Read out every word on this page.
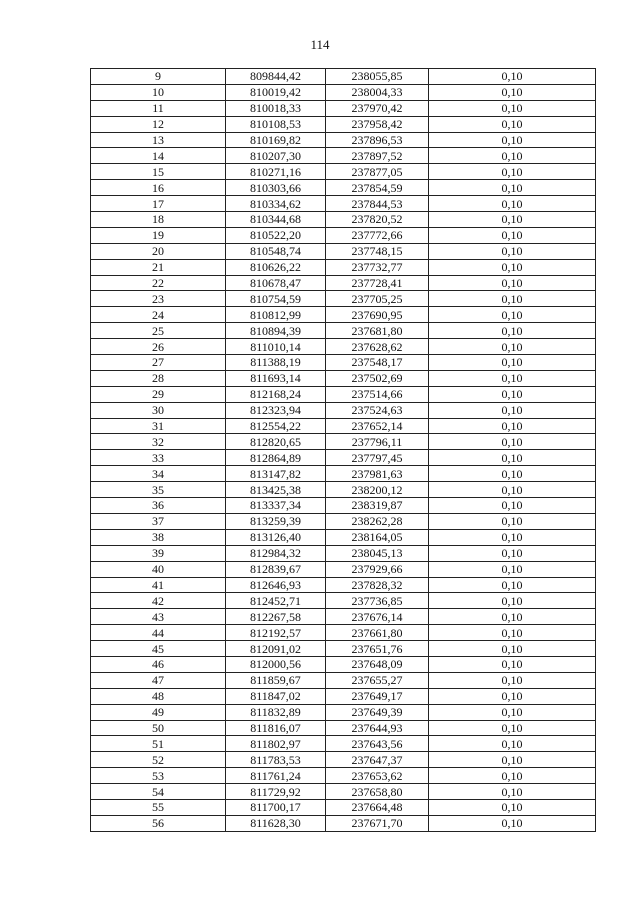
114
9	809844,42	238055,85	0,10
10	810019,42	238004,33	0,10
11	810018,33	237970,42	0,10
12	810108,53	237958,42	0,10
13	810169,82	237896,53	0,10
14	810207,30	237897,52	0,10
15	810271,16	237877,05	0,10
16	810303,66	237854,59	0,10
17	810334,62	237844,53	0,10
18	810344,68	237820,52	0,10
19	810522,20	237772,66	0,10
20	810548,74	237748,15	0,10
21	810626,22	237732,77	0,10
22	810678,47	237728,41	0,10
23	810754,59	237705,25	0,10
24	810812,99	237690,95	0,10
25	810894,39	237681,80	0,10
26	811010,14	237628,62	0,10
27	811388,19	237548,17	0,10
28	811693,14	237502,69	0,10
29	812168,24	237514,66	0,10
30	812323,94	237524,63	0,10
31	812554,22	237652,14	0,10
32	812820,65	237796,11	0,10
33	812864,89	237797,45	0,10
34	813147,82	237981,63	0,10
35	813425,38	238200,12	0,10
36	813337,34	238319,87	0,10
37	813259,39	238262,28	0,10
38	813126,40	238164,05	0,10
39	812984,32	238045,13	0,10
40	812839,67	237929,66	0,10
41	812646,93	237828,32	0,10
42	812452,71	237736,85	0,10
43	812267,58	237676,14	0,10
44	812192,57	237661,80	0,10
45	812091,02	237651,76	0,10
46	812000,56	237648,09	0,10
47	811859,67	237655,27	0,10
48	811847,02	237649,17	0,10
49	811832,89	237649,39	0,10
50	811816,07	237644,93	0,10
51	811802,97	237643,56	0,10
52	811783,53	237647,37	0,10
53	811761,24	237653,62	0,10
54	811729,92	237658,80	0,10
55	811700,17	237664,48	0,10
56	811628,30	237671,70	0,10
